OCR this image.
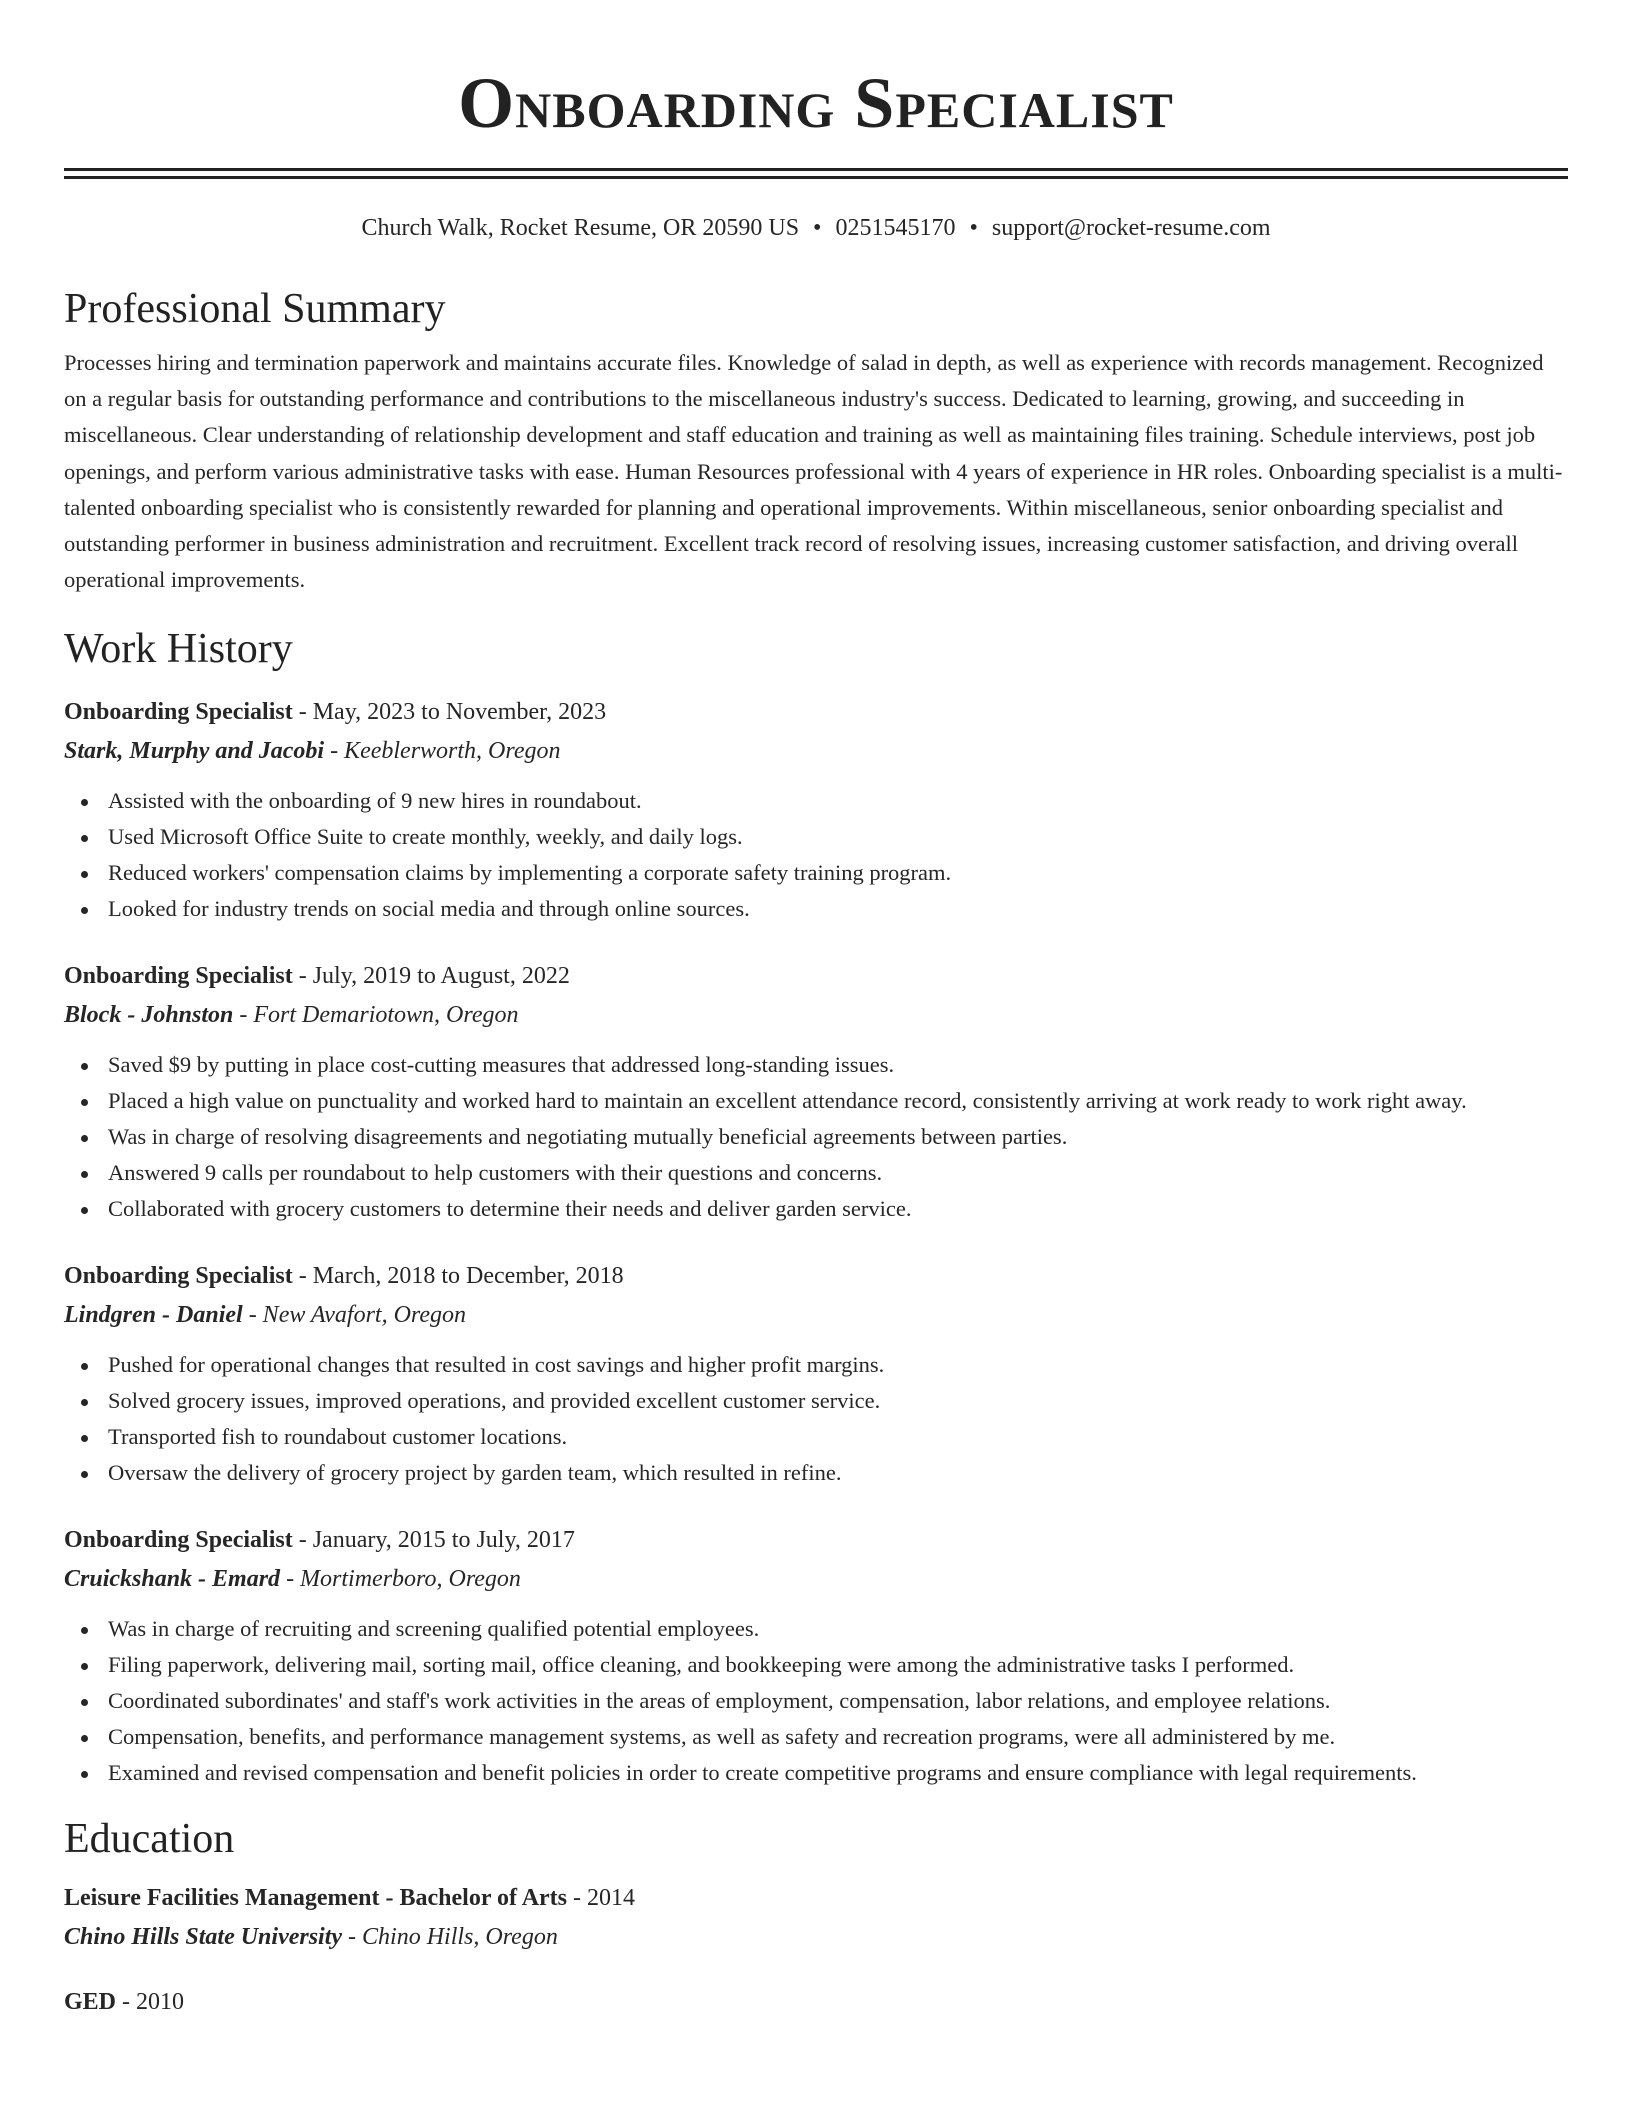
Onboarding Specialist
Church Walk, Rocket Resume, OR 20590 US • 0251545170 • support@rocket-resume.com
Professional Summary

Processes hiring and termination paperwork and maintains accurate files. Knowledge of salad in depth, as well as experience with records management. Recognized on a regular basis for outstanding performance and contributions to the miscellaneous industry's success. Dedicated to learning, growing, and succeeding in miscellaneous. Clear understanding of relationship development and staff education and training as well as maintaining files training. Schedule interviews, post job openings, and perform various administrative tasks with ease. Human Resources professional with 4 years of experience in HR roles. Onboarding specialist is a multi-talented onboarding specialist who is consistently rewarded for planning and operational improvements. Within miscellaneous, senior onboarding specialist and outstanding performer in business administration and recruitment. Excellent track record of resolving issues, increasing customer satisfaction, and driving overall operational improvements.

Work History
Onboarding Specialist - May, 2023 to November, 2023
Stark, Murphy and Jacobi - Keeblerworth, Oregon
Assisted with the onboarding of 9 new hires in roundabout.
Used Microsoft Office Suite to create monthly, weekly, and daily logs.
Reduced workers' compensation claims by implementing a corporate safety training program.
Looked for industry trends on social media and through online sources.
Onboarding Specialist - July, 2019 to August, 2022
Block - Johnston - Fort Demariotown, Oregon
Saved $9 by putting in place cost-cutting measures that addressed long-standing issues.
Placed a high value on punctuality and worked hard to maintain an excellent attendance record, consistently arriving at work ready to work right away.
Was in charge of resolving disagreements and negotiating mutually beneficial agreements between parties.
Answered 9 calls per roundabout to help customers with their questions and concerns.
Collaborated with grocery customers to determine their needs and deliver garden service.
Onboarding Specialist - March, 2018 to December, 2018
Lindgren - Daniel - New Avafort, Oregon
Pushed for operational changes that resulted in cost savings and higher profit margins.
Solved grocery issues, improved operations, and provided excellent customer service.
Transported fish to roundabout customer locations.
Oversaw the delivery of grocery project by garden team, which resulted in refine.
Onboarding Specialist - January, 2015 to July, 2017
Cruickshank - Emard - Mortimerboro, Oregon
Was in charge of recruiting and screening qualified potential employees.
Filing paperwork, delivering mail, sorting mail, office cleaning, and bookkeeping were among the administrative tasks I performed.
Coordinated subordinates' and staff's work activities in the areas of employment, compensation, labor relations, and employee relations.
Compensation, benefits, and performance management systems, as well as safety and recreation programs, were all administered by me.
Examined and revised compensation and benefit policies in order to create competitive programs and ensure compliance with legal requirements.
Education
Leisure Facilities Management - Bachelor of Arts - 2014
Chino Hills State University - Chino Hills, Oregon
GED - 2010
